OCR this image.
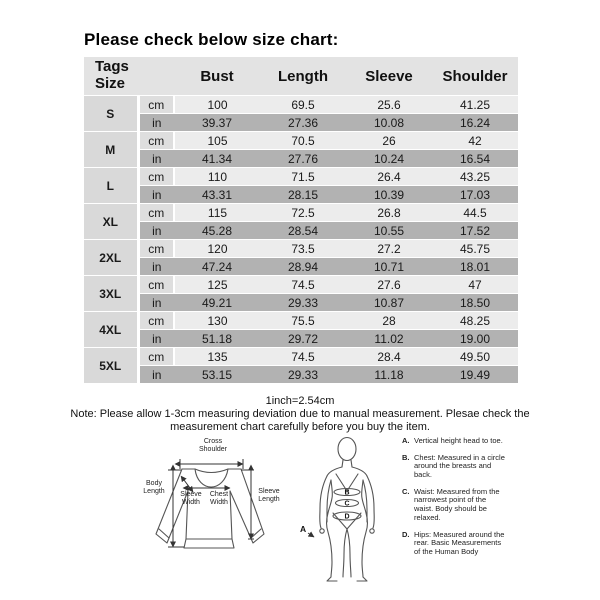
Please check below size chart:
Tags
Size		Bust	Length	Sleeve	Shoulder
S	cm	100	69.5	25.6	41.25
	in	39.37	27.36	10.08	16.24
M	cm	105	70.5	26	42
	in	41.34	27.76	10.24	16.54
L	cm	110	71.5	26.4	43.25
	in	43.31	28.15	10.39	17.03
XL	cm	115	72.5	26.8	44.5
	in	45.28	28.54	10.55	17.52
2XL	cm	120	73.5	27.2	45.75
	in	47.24	28.94	10.71	18.01
3XL	cm	125	74.5	27.6	47
	in	49.21	29.33	10.87	18.50
4XL	cm	130	75.5	28	48.25
	in	51.18	29.72	11.02	19.00
5XL	cm	135	74.5	28.4	49.50
	in	53.15	29.33	11.18	19.49
1inch=2.54cm
Note: Please allow 1-3cm measuring deviation due to manual measurement. Plesae check the
measurement chart carefully before you buy the item.
Cross Shoulder
Body Length	Sleeve Width
Chest Width
Sleeve Length
A
B
C
D
A. Vertical height head to toe.
B. Chest: Measured in a circle around the breasts and back.
C. Waist: Measured from the narrowest point of the waist. Body should be relaxed.
D. Hips: Measured around the rear. Basic Measurements of the Human Body
